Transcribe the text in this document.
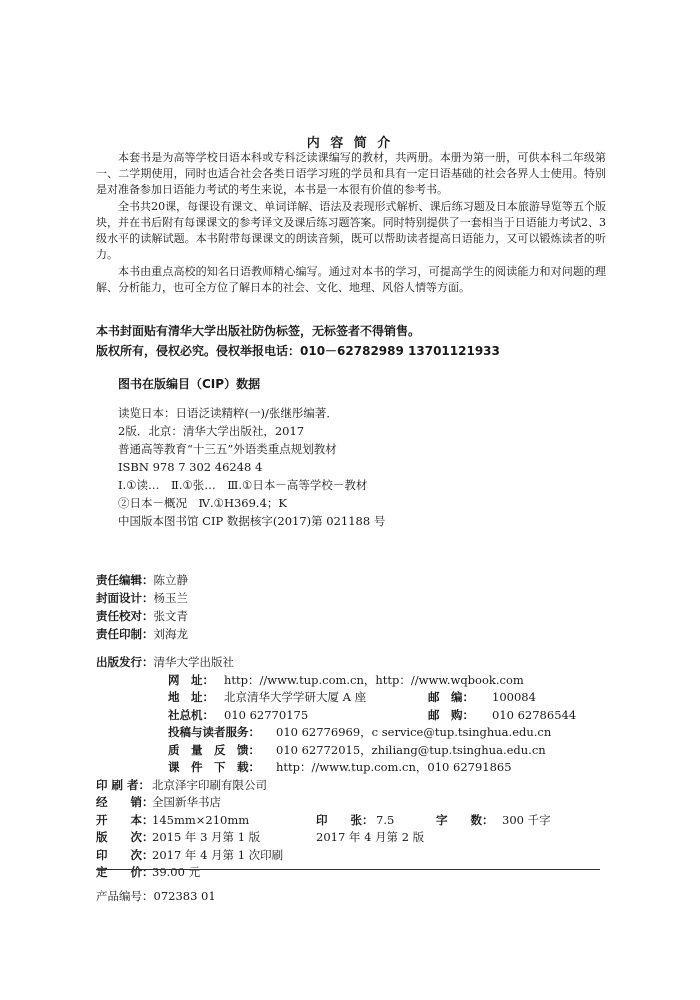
内 容 简 介

本套书是为高等学校日语本科或专科泛读课编写的教材，共两册。本册为第一册，可供本科二年级第一、二学期使用，同时也适合社会各类日语学习班的学员和具有一定日语基础的社会各界人士使用。特别是对准备参加日语能力考试的考生来说，本书是一本很有价值的参考书。

全书共20课，每课设有课文、单词详解、语法及表现形式解析、课后练习题及日本旅游导览等五个版块，并在书后附有每课课文的参考译文及课后练习题答案。同时特别提供了一套相当于日语能力考试2、3级水平的读解试题。本书附带每课课文的朗读音频，既可以帮助读者提高日语能力，又可以锻炼读者的听力。

本书由重点高校的知名日语教师精心编写。通过对本书的学习，可提高学生的阅读能力和对问题的理解、分析能力，也可全方位了解日本的社会、文化、地理、风俗人情等方面。

本书封面贴有清华大学出版社防伪标签，无标签者不得销售。
版权所有，侵权必究。侵权举报电话：010－62782989 13701121933
图书在版编目（CIP）数据
读览日本：日语泛读精粹(一)/张继彤编著．
2版．北京：清华大学出版社，2017
普通高等教育“十三五”外语类重点规划教材
ISBN 978 7 302 46248 4
Ⅰ.①读…　Ⅱ.①张…　Ⅲ.①日本－高等学校－教材
②日本－概况　Ⅳ.①H369.4；K
中国版本图书馆 CIP 数据核字(2017)第 021188 号
责任编辑：陈立静
封面设计：杨玉兰
责任校对：张文青
责任印制：刘海龙
出版发行：清华大学出版社
网　址： http：//www.tup.com.cn，http：//www.wqbook.com
地　址： 北京清华大学学研大厦 A 座	邮　编： 100084
社总机： 010 62770175	邮　购： 010 62786544
投稿与读者服务： 010 62776969，c service@tup.tsinghua.edu.cn
质　量　反　馈： 010 62772015，zhiliang@tup.tsinghua.edu.cn
课　件　下　载： http：//www.tup.com.cn，010 62791865
印 刷 者： 北京泽宇印刷有限公司
经　　销：
全国新华书店
开　　本：
145mm×210mm	印　　张： 7.5	字　　数： 300 千字
版　　次：
2015 年 3 月第 1 版	2017 年 4 月第 2 版
印　　次：
2017 年 4 月第 1 次印刷
定　　价：
39.00 元
产品编号：072383 01
